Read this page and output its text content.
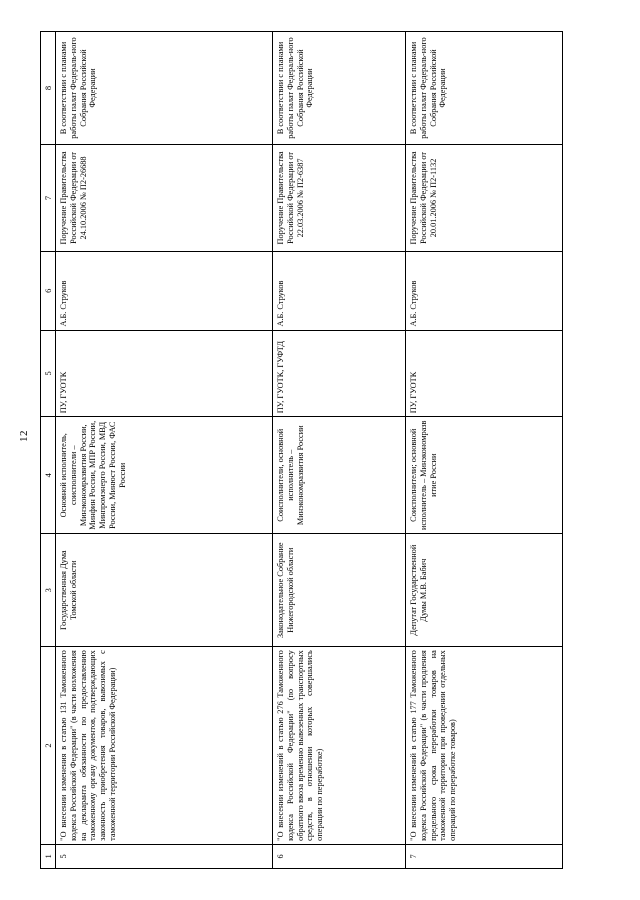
12
1	2	3	4	5	6	7	8
5	"О внесении изменения в статью 131 Таможенного кодекса Российской Федерации" (в части возложения на декларанта обязанности по предоставлению таможенному органу документов, подтверждающих законность приобретения товаров, вывозимых с таможенной территории Российской Федерации)	Государственная Дума Томской области	Основной исполнитель, соисполнители – Минэкономразвития России, Минфин России, МПР России, Минпромэнерго России, МВД России, Минюст России, ФАС России	ПУ, ГУОТК	А.Б. Струков	Поручение Правительства Российской Федерации от 24.10.2006 № П2-26688	В соответствии с планами работы палат Федераль-ного Собрания Российской Федерации
6	"О внесении изменений в статью 276 Таможенного кодекса Российской Федерации" (по вопросу обратного ввоза временно вывезенных транспортных средств, в отношении которых совершались операции по переработке)	Законодательное Собрание Нижегородской области	Соисполнители, основной исполнитель – Минэкономразвития России	ПУ, ГУОТК, ГУФТД	А.Б. Струков	Поручение Правительства Российской Федерации от 22.03.2006 № П2-6387	В соответствии с планами работы палат Федераль-ного Собрания Российской Федерации
7	"О внесении изменений в статью 177 Таможенного кодекса Российской Федерации" (в части продления предельного срока переработки товаров на таможенной территории при проведении отдельных операций по переработке товаров)	Депутат Государственной Думы М.В. Бабич	Соисполнители; основной исполнитель – Минэкономразв итие России	ПУ, ГУОТК	А.Б. Струков	Поручение Правительства Российской Федерации от 20.01.2006 № П2-1132	В соответствии с планами работы палат Федераль-ного Собрания Российской Федерации
